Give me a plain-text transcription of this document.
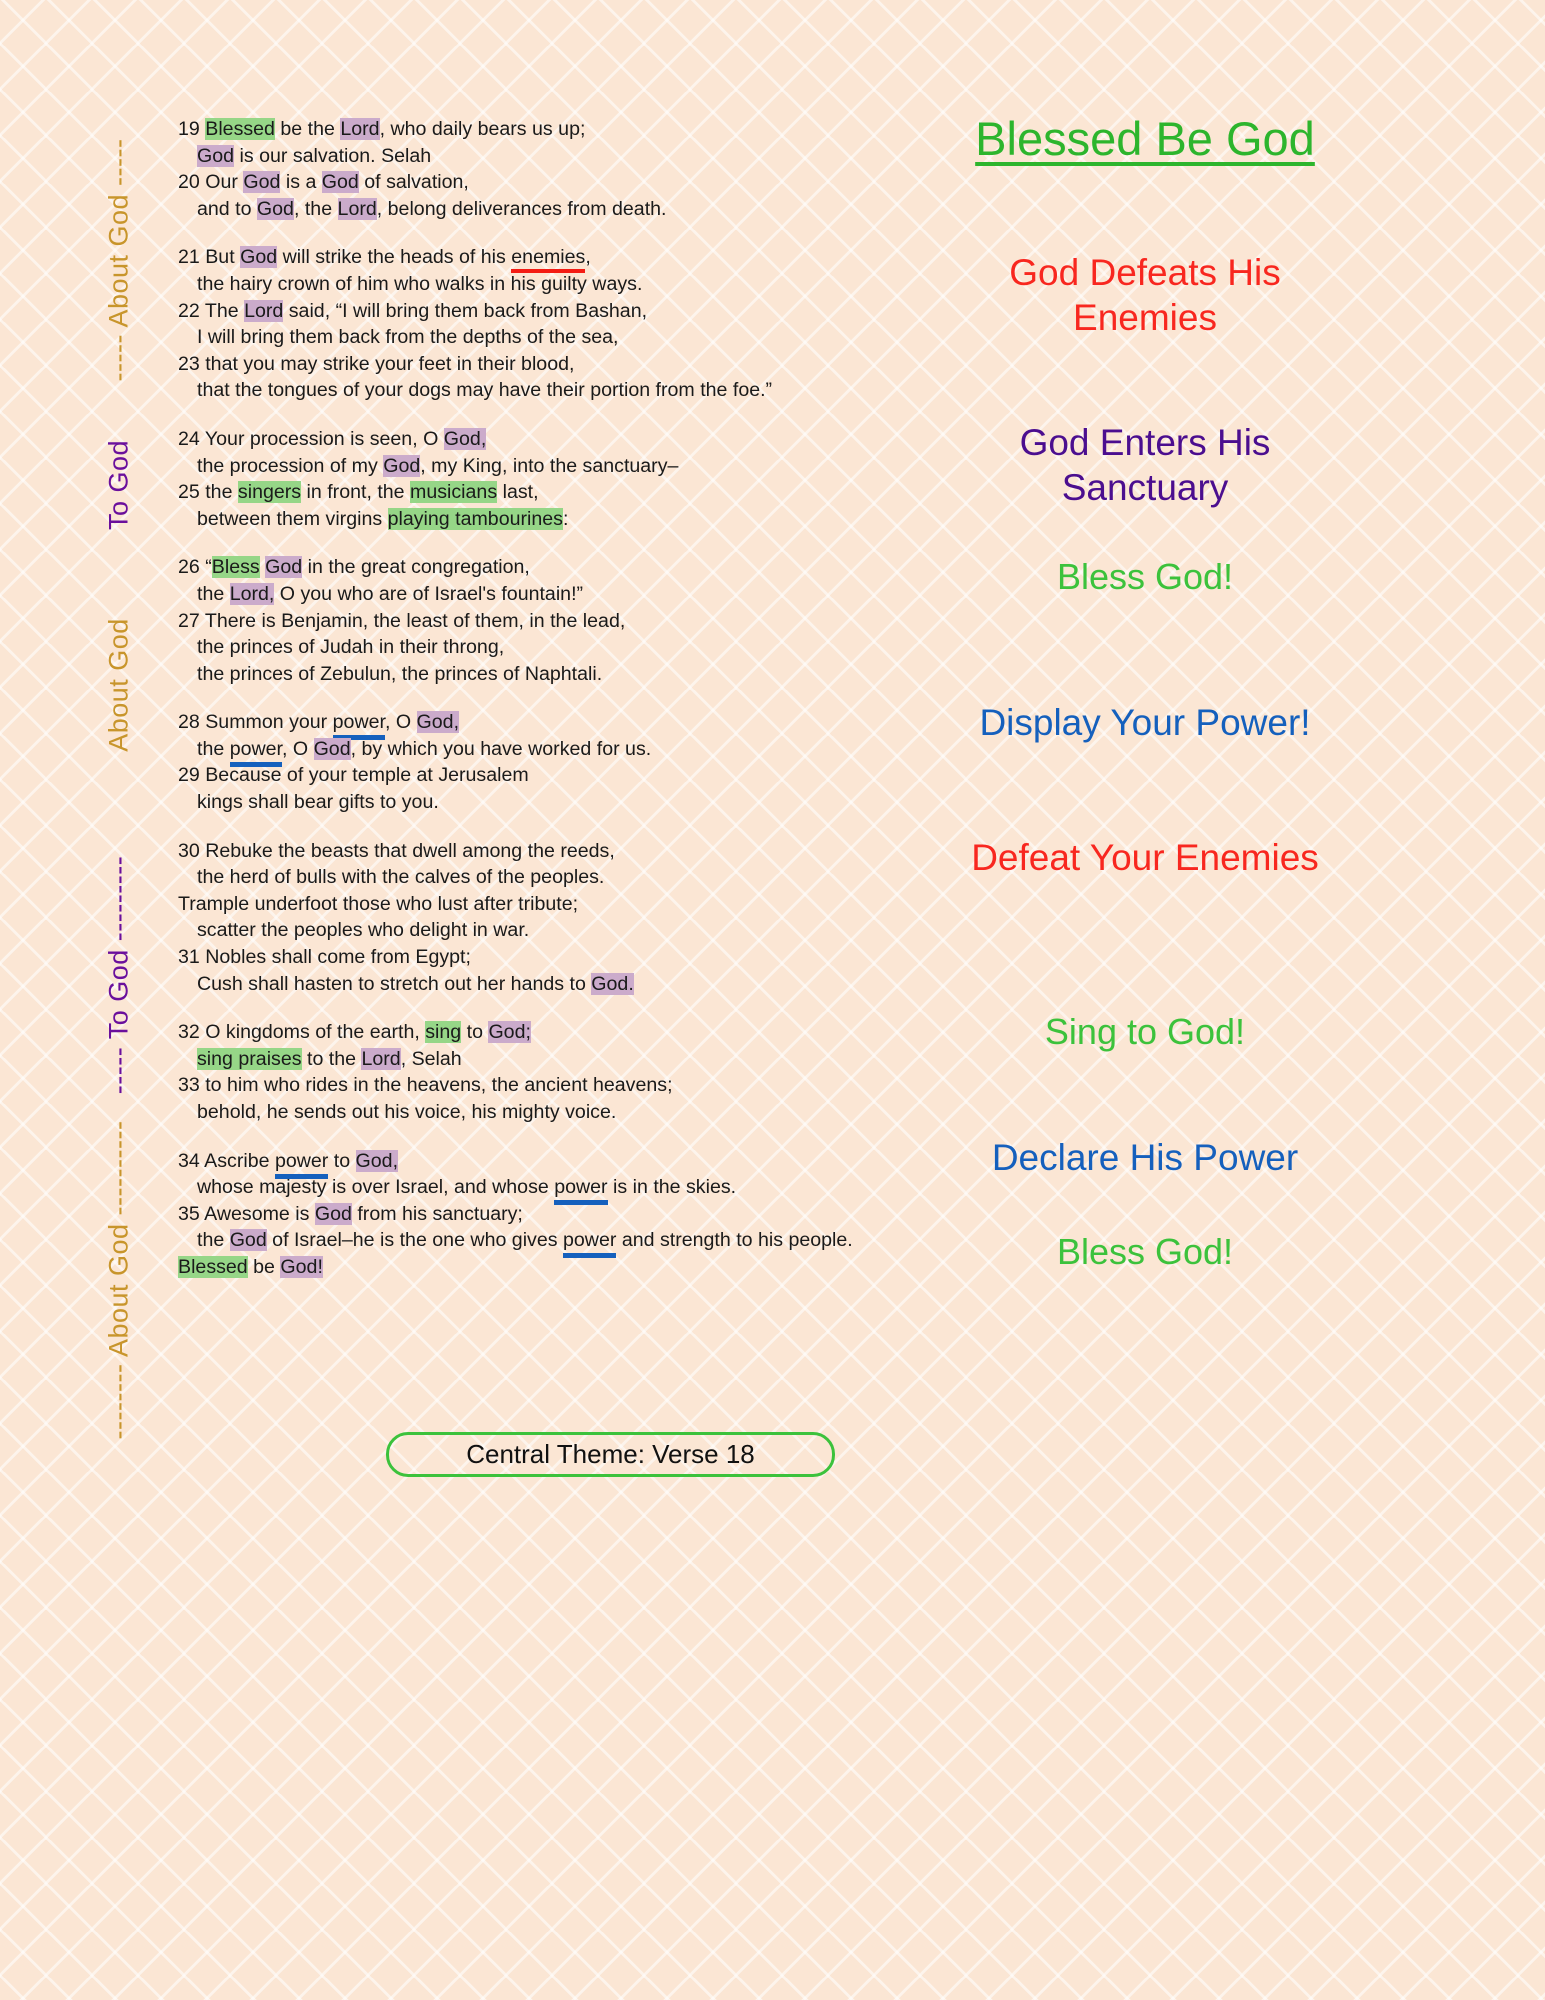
----- About God -----
To God
About God
----- To God ---------
-------- About God ----------
19 Blessed be the Lord, who daily bears us up;
God is our salvation. Selah
20 Our God is a God of salvation,
and to God, the Lord, belong deliverances from death.
21 But God will strike the heads of his enemies,
the hairy crown of him who walks in his guilty ways.
22 The Lord said, “I will bring them back from Bashan,
I will bring them back from the depths of the sea,
23 that you may strike your feet in their blood,
that the tongues of your dogs may have their portion from the foe.”
24 Your procession is seen, O God,
the procession of my God, my King, into the sanctuary–
25 the singers in front, the musicians last,
between them virgins playing tambourines:
26 “Bless God in the great congregation,
the Lord, O you who are of Israel's fountain!”
27 There is Benjamin, the least of them, in the lead,
the princes of Judah in their throng,
the princes of Zebulun, the princes of Naphtali.
28 Summon your power, O God,
the power, O God, by which you have worked for us.
29 Because of your temple at Jerusalem
kings shall bear gifts to you.
30 Rebuke the beasts that dwell among the reeds,
the herd of bulls with the calves of the peoples.
Trample underfoot those who lust after tribute;
scatter the peoples who delight in war.
31 Nobles shall come from Egypt;
Cush shall hasten to stretch out her hands to God.
32 O kingdoms of the earth, sing to God;
sing praises to the Lord, Selah
33 to him who rides in the heavens, the ancient heavens;
behold, he sends out his voice, his mighty voice.
34 Ascribe power to God,
whose majesty is over Israel, and whose power is in the skies.
35 Awesome is God from his sanctuary;
the God of Israel–he is the one who gives power and strength to his people.
Blessed be God!
Blessed Be God
God Defeats His Enemies
God Enters His Sanctuary
Bless God!
Display Your Power!
Defeat Your Enemies
Sing to God!
Declare His Power
Bless God!
Central Theme: Verse 18
